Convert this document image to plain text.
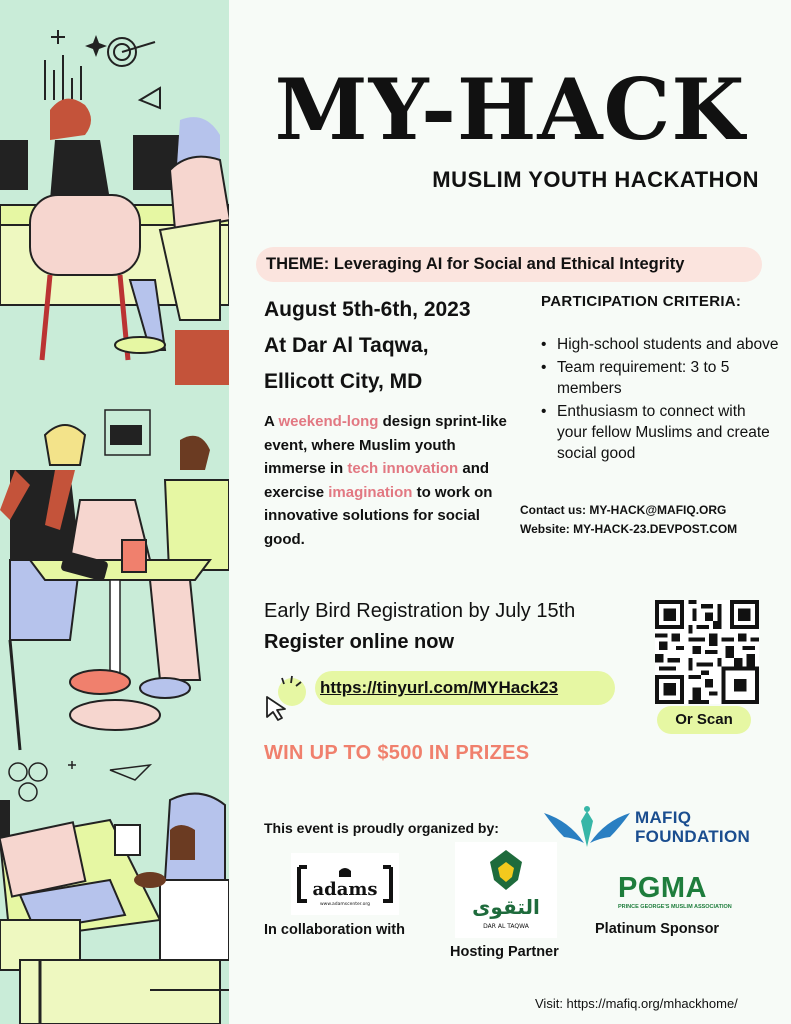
MY-HACK
MUSLIM YOUTH HACKATHON
THEME: Leveraging AI for Social and Ethical Integrity
August 5th-6th, 2023
At Dar Al Taqwa,
Ellicott City, MD
A weekend-long design sprint-like event, where Muslim youth immerse in tech innovation and exercise imagination to work on innovative solutions for social good.
PARTICIPATION CRITERIA:
• High-school students and above
• Team requirement: 3 to 5 members
• Enthusiasm to connect with your fellow Muslims and create social good
Contact us: MY-HACK@MAFIQ.ORG
Website: MY-HACK-23.DEVPOST.COM
Early Bird Registration by July 15th
Register online now
https://tinyurl.com/MYHack23
Or Scan
WIN UP TO $500 IN PRIZES
This event is proudly organized by:
MAFIQ
FOUNDATION
adams
www.adamscenter.org
In collaboration with
التقوى
DAR AL TAQWA
Hosting Partner
PGMA
PRINCE GEORGE'S MUSLIM ASSOCIATION
Platinum Sponsor
Visit: https://mafiq.org/mhackhome/
